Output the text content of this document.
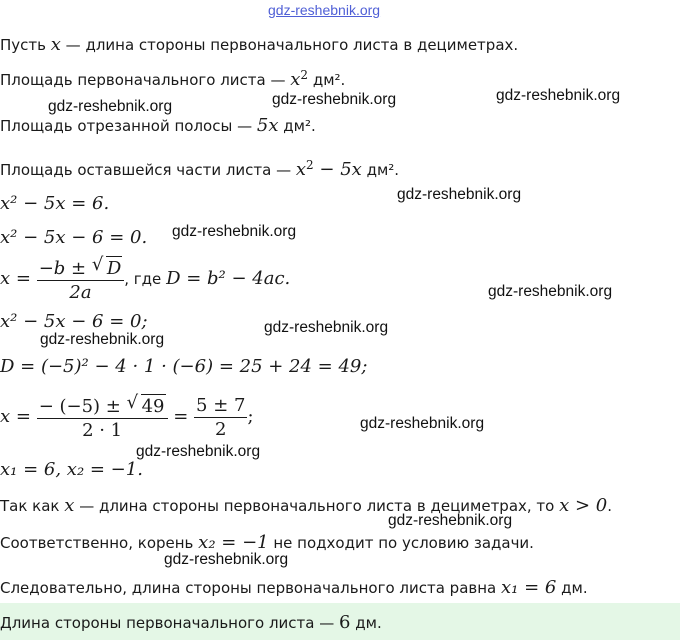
gdz-reshebnik.org
Пусть x — длина стороны первоначального листа в дециметрах.
Площадь первоначального листа — $x^2$ дм².
Площадь отрезанной полосы — 5x дм².
Площадь оставшейся части листа — $x^2 - 5x$ дм².
x² − 5x = 6.
x² − 5x − 6 = 0.
$x = \frac{-b \pm √ D}{2a}$ , где D = b² − 4ac.
x² − 5x − 6 = 0;
D = (−5)² − 4 · 1 · (−6) = 25 + 24 = 49;
$x = \frac{- (-5) \pm √ 49}{2 \cdot 1} = \frac{5 \pm 7}{2}$ ;
x₁ = 6, x₂ = −1.
Так как x — длина стороны первоначального листа в дециметрах, то x > 0.
Соответственно, корень x₂ = −1 не подходит по условию задачи.
Следовательно, длина стороны первоначального листа равна x₁ = 6 дм.
Длина стороны первоначального листа — 6 дм.
gdz-reshebnik.org	gdz-reshebnik.org	gdz-reshebnik.org
gdz-reshebnik.org
gdz-reshebnik.org
gdz-reshebnik.org
gdz-reshebnik.org
gdz-reshebnik.org
gdz-reshebnik.org
gdz-reshebnik.org
gdz-reshebnik.org
gdz-reshebnik.org
